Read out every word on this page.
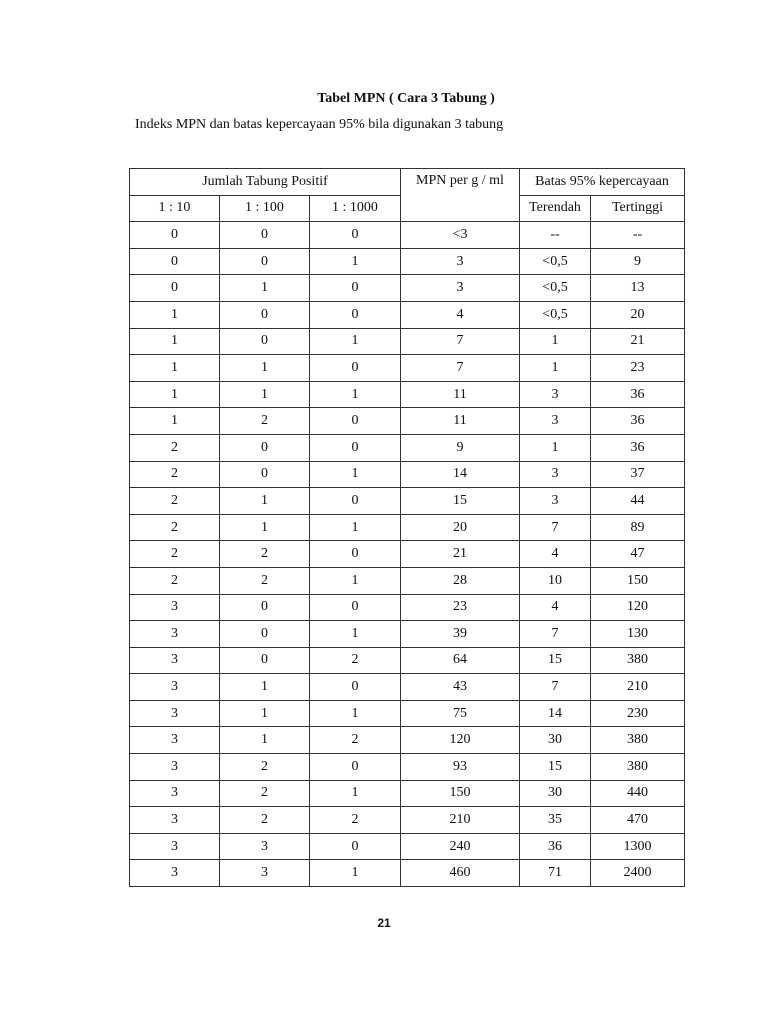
Tabel MPN ( Cara 3 Tabung )
Indeks MPN dan batas kepercayaan 95% bila digunakan 3 tabung
Jumlah Tabung Positif			MPN per g / ml	Batas 95% kepercayaan	
1 : 10	1 : 100	1 : 1000		Terendah	Tertinggi
0	0	0	<3	--	--
0	0	1	3	<0,5	9
0	1	0	3	<0,5	13
1	0	0	4	<0,5	20
1	0	1	7	1	21
1	1	0	7	1	23
1	1	1	11	3	36
1	2	0	11	3	36
2	0	0	9	1	36
2	0	1	14	3	37
2	1	0	15	3	44
2	1	1	20	7	89
2	2	0	21	4	47
2	2	1	28	10	150
3	0	0	23	4	120
3	0	1	39	7	130
3	0	2	64	15	380
3	1	0	43	7	210
3	1	1	75	14	230
3	1	2	120	30	380
3	2	0	93	15	380
3	2	1	150	30	440
3	2	2	210	35	470
3	3	0	240	36	1300
3	3	1	460	71	2400
21
